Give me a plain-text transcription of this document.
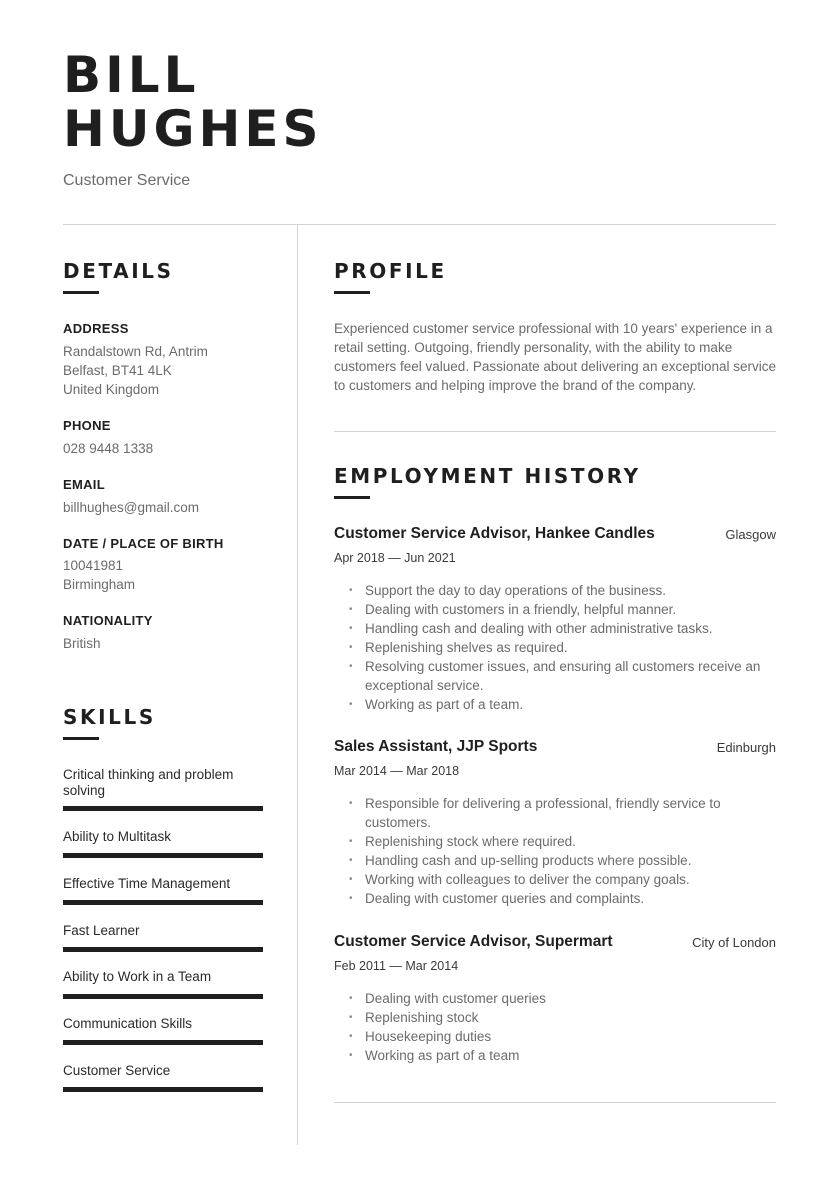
BILL
HUGHES
Customer Service
DETAILS
ADDRESS
Randalstown Rd, Antrim
Belfast, BT41 4LK
United Kingdom
PHONE
028 9448 1338
EMAIL
billhughes@gmail.com
DATE / PLACE OF BIRTH
10041981
Birmingham
NATIONALITY
British
SKILLS
Critical thinking and problem solving
Ability to Multitask
Effective Time Management
Fast Learner
Ability to Work in a Team
Communication Skills
Customer Service
PROFILE

Experienced customer service professional with 10 years' experience in a retail setting. Outgoing, friendly personality, with the ability to make customers feel valued. Passionate about delivering an exceptional service to customers and helping improve the brand of the company.

EMPLOYMENT HISTORY
Customer Service Advisor, Hankee Candles	Glasgow
Apr 2018 — Jun 2021
• Support the day to day operations of the business.
• Dealing with customers in a friendly, helpful manner.
• Handling cash and dealing with other administrative tasks.
• Replenishing shelves as required.
• Resolving customer issues, and ensuring all customers receive an exceptional service.
• Working as part of a team.
Sales Assistant, JJP Sports	Edinburgh
Mar 2014 — Mar 2018
• Responsible for delivering a professional, friendly service to customers.
• Replenishing stock where required.
• Handling cash and up-selling products where possible.
• Working with colleagues to deliver the company goals.
• Dealing with customer queries and complaints.
Customer Service Advisor, Supermart	City of London
Feb 2011 — Mar 2014
• Dealing with customer queries
• Replenishing stock
• Housekeeping duties
• Working as part of a team
